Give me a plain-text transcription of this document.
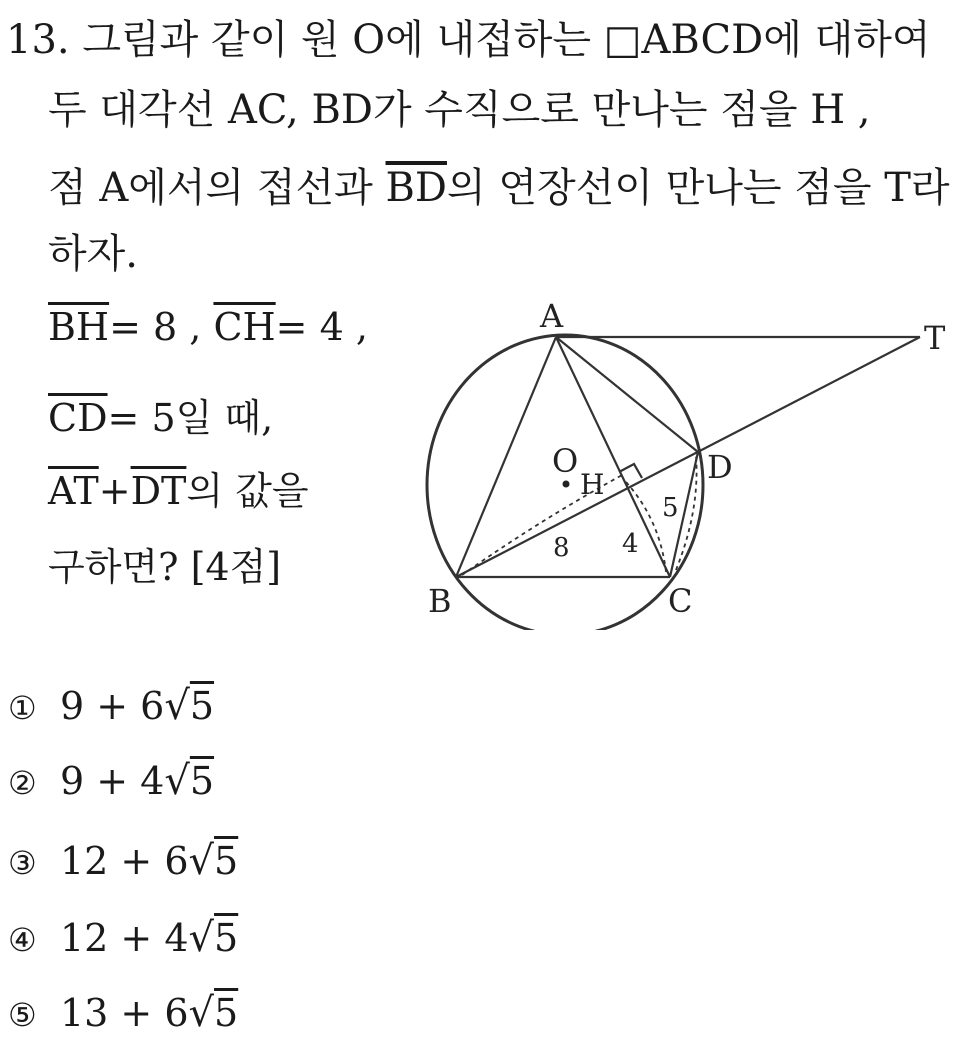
13. 그림과 같이 원 O에 내접하는 □ABCD에 대하여
두 대각선 AC, BD가 수직으로 만나는 점을 H ,
점 A에서의 접선과 $\overline{BD}$의 연장선이 만나는 점을 T라
하자.
$\overline{BH}= 8$ , $\overline{CH}= 4$ ,
$\overline{CD}= 5$일 때,
$\overline{AT}+\overline{DT}$의 값을
구하면? [4점]
A
T
O
H	D
B	C
8 4
5
① 9 + 6√5
② 9 + 4√5
③ 12 + 6√5
④ 12 + 4√5
⑤ 13 + 6√5
